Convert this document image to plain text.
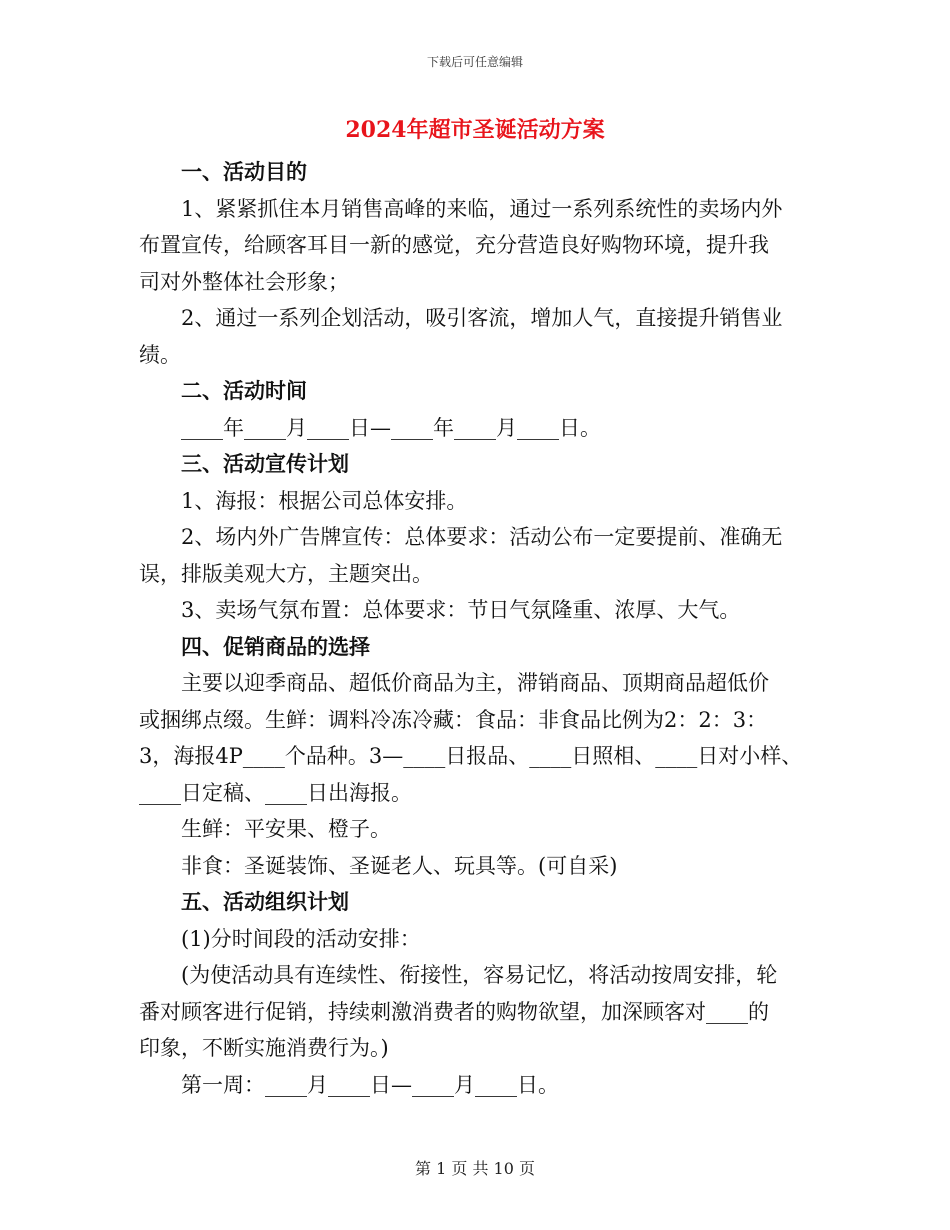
下载后可任意编辑

2024年超市圣诞活动方案

一、活动目的

1、紧紧抓住本月销售高峰的来临，通过一系列系统性的卖场内外

布置宣传，给顾客耳目一新的感觉，充分营造良好购物环境，提升我

司对外整体社会形象；

2、通过一系列企划活动，吸引客流，增加人气，直接提升销售业

绩。

二、活动时间

____年____月____日—____年____月____日。

三、活动宣传计划

1、海报：根据公司总体安排。

2、场内外广告牌宣传：总体要求：活动公布一定要提前、准确无

误，排版美观大方，主题突出。

3、卖场气氛布置：总体要求：节日气氛隆重、浓厚、大气。

四、促销商品的选择

主要以迎季商品、超低价商品为主，滞销商品、顶期商品超低价

或捆绑点缀。生鲜：调料冷冻冷藏：食品：非食品比例为2：2：3：

3，海报4P____个品种。3—____日报品、____日照相、____日对小样、

____日定稿、____日出海报。

生鲜：平安果、橙子。

非食：圣诞装饰、圣诞老人、玩具等。(可自采)

五、活动组织计划

(1)分时间段的活动安排：

(为使活动具有连续性、衔接性，容易记忆，将活动按周安排，轮

番对顾客进行促销，持续刺激消费者的购物欲望，加深顾客对____的

印象，不断实施消费行为。)

第一周：____月____日—____月____日。

第 1 页 共 10 页
